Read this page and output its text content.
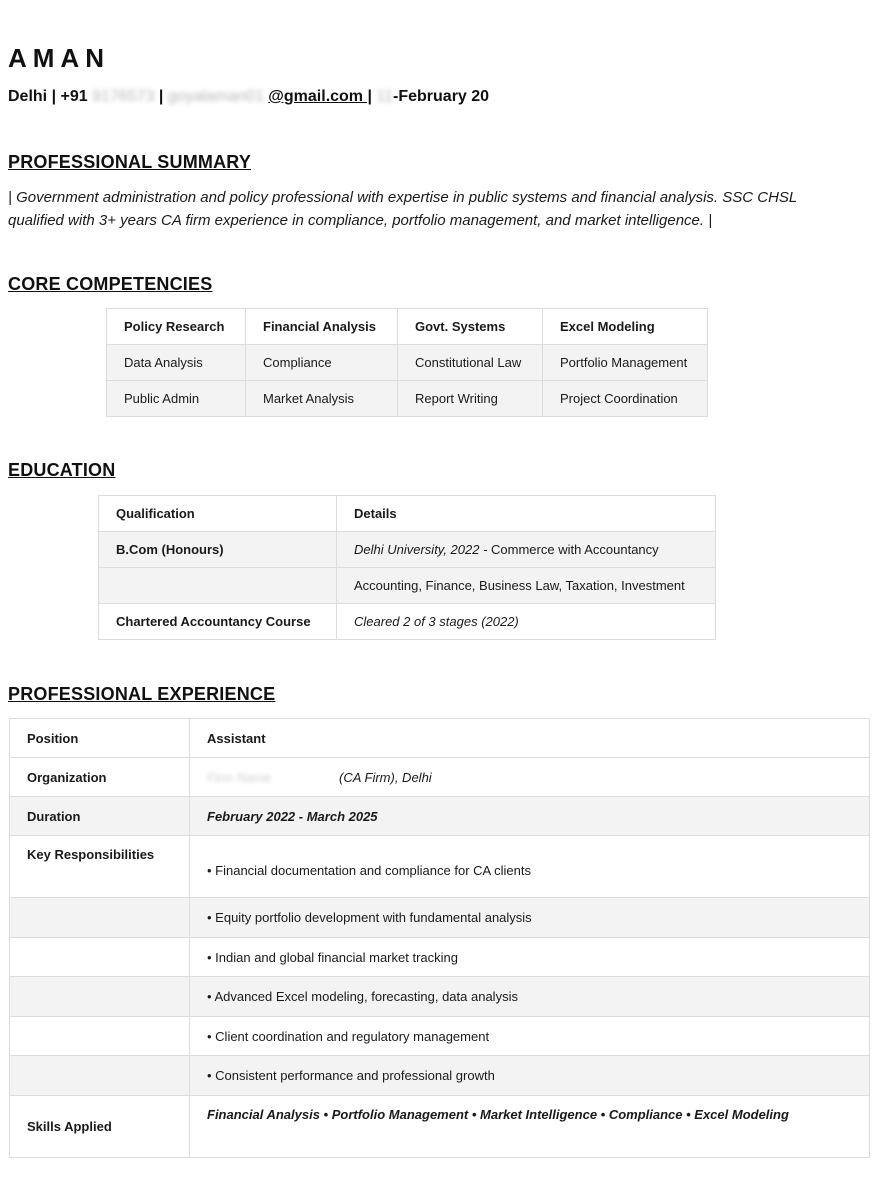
AMAN
Delhi | +91 9176573 | goyalaman01 @gmail.com | 11-February 20
PROFESSIONAL SUMMARY
| Government administration and policy professional with expertise in public systems and financial analysis. SSC CHSL qualified with 3+ years CA firm experience in compliance, portfolio management, and market intelligence. |
CORE COMPETENCIES
Policy Research	Financial Analysis	Govt. Systems	Excel Modeling
Data Analysis	Compliance	Constitutional Law	Portfolio Management
Public Admin	Market Analysis	Report Writing	Project Coordination
EDUCATION
Qualification	Details
B.Com (Honours)	Delhi University, 2022 - Commerce with Accountancy
	Accounting, Finance, Business Law, Taxation, Investment
Chartered Accountancy Course	Cleared 2 of 3 stages (2022)
PROFESSIONAL EXPERIENCE
Position	Assistant
Organization	Firm Name (CA Firm), Delhi
Duration	February 2022 - March 2025
Key Responsibilities	• Financial documentation and compliance for CA clients
	• Equity portfolio development with fundamental analysis
	• Indian and global financial market tracking
	• Advanced Excel modeling, forecasting, data analysis
	• Client coordination and regulatory management
	• Consistent performance and professional growth
Skills Applied	Financial Analysis • Portfolio Management • Market Intelligence • Compliance • Excel Modeling
